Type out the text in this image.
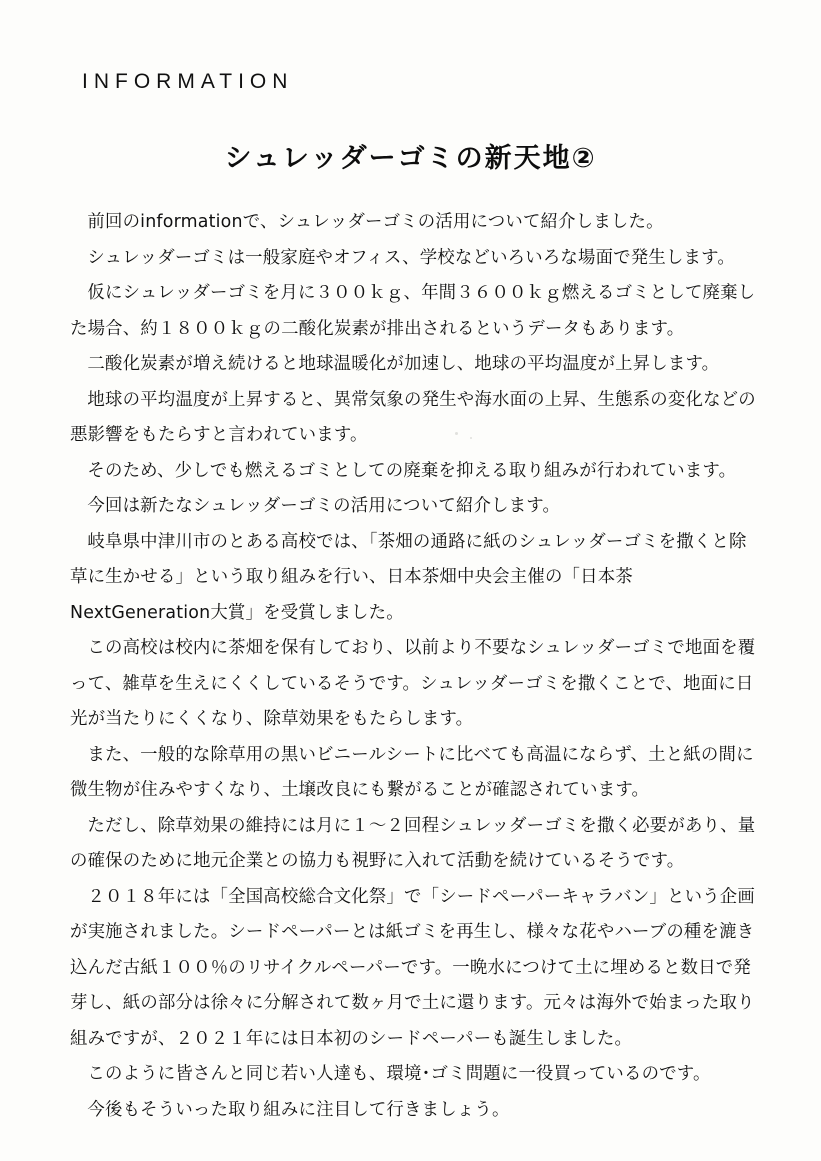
INFORMATION
シュレッダーゴミの新天地②

前回のinformationで、シュレッダーゴミの活用について紹介しました。

シュレッダーゴミは一般家庭やオフィス、学校などいろいろな場面で発生します。

仮にシュレッダーゴミを月に３００ｋｇ、年間３６００ｋｇ燃えるゴミとして廃棄した場合、約１８００ｋｇの二酸化炭素が排出されるというデータもあります。

二酸化炭素が増え続けると地球温暖化が加速し、地球の平均温度が上昇します。

地球の平均温度が上昇すると、異常気象の発生や海水面の上昇、生態系の変化などの悪影響をもたらすと言われています。

そのため、少しでも燃えるゴミとしての廃棄を抑える取り組みが行われています。

今回は新たなシュレッダーゴミの活用について紹介します。

岐阜県中津川市のとある高校では、「茶畑の通路に紙のシュレッダーゴミを撒くと除草に生かせる」という取り組みを行い、日本茶畑中央会主催の「日本茶NextGeneration大賞」を受賞しました。

この高校は校内に茶畑を保有しており、以前より不要なシュレッダーゴミで地面を覆って、雑草を生えにくくしているそうです。シュレッダーゴミを撒くことで、地面に日光が当たりにくくなり、除草効果をもたらします。

また、一般的な除草用の黒いビニールシートに比べても高温にならず、土と紙の間に微生物が住みやすくなり、土壌改良にも繋がることが確認されています。

ただし、除草効果の維持には月に１～２回程シュレッダーゴミを撒く必要があり、量の確保のために地元企業との協力も視野に入れて活動を続けているそうです。

２０１８年には「全国高校総合文化祭」で「シードペーパーキャラバン」という企画が実施されました。シードペーパーとは紙ゴミを再生し、様々な花やハーブの種を漉き込んだ古紙１００％のリサイクルペーパーです。一晩水につけて土に埋めると数日で発芽し、紙の部分は徐々に分解されて数ヶ月で土に還ります。元々は海外で始まった取り組みですが、２０２１年には日本初のシードペーパーも誕生しました。

このように皆さんと同じ若い人達も、環境･ゴミ問題に一役買っているのです。

今後もそういった取り組みに注目して行きましょう。
